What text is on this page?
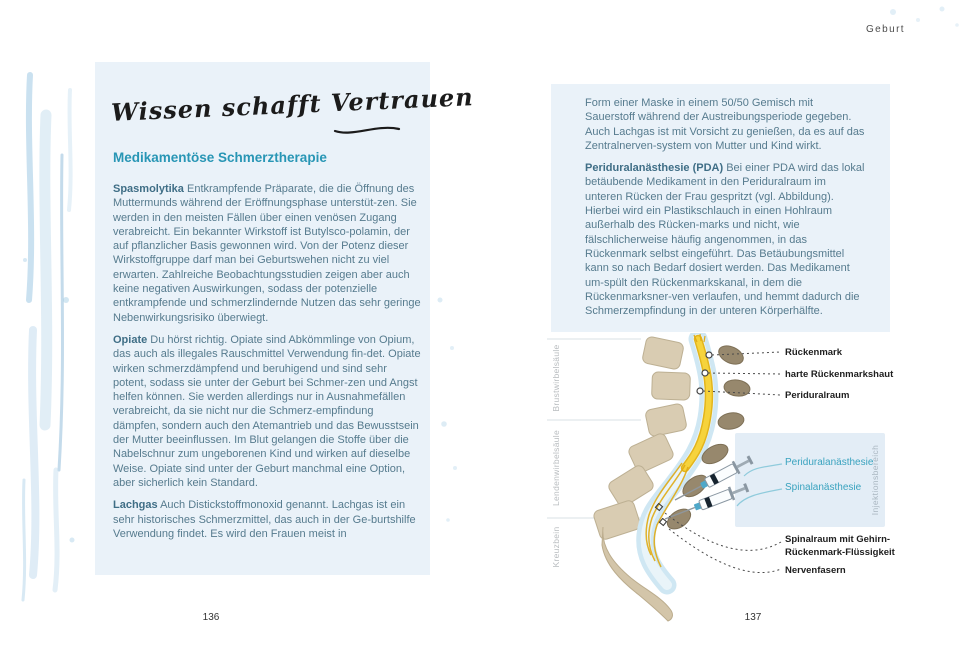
Geburt
Wissen schafft Vertrauen
Medikamentöse Schmerztherapie

Spasmolytika Entkrampfende Präparate, die die Öffnung des Muttermunds während der Eröffnungsphase unterstüt-zen. Sie werden in den meisten Fällen über einen venösen Zugang verabreicht. Ein bekannter Wirkstoff ist Butylsco-polamin, der auf pflanzlicher Basis gewonnen wird. Von der Potenz dieser Wirkstoffgruppe darf man bei Geburtswehen nicht zu viel erwarten. Zahlreiche Beobachtungsstudien zeigen aber auch keine negativen Auswirkungen, sodass der potenzielle entkrampfende und schmerzlindernde Nutzen das sehr geringe Nebenwirkungsrisiko überwiegt.

Opiate Du hörst richtig. Opiate sind Abkömmlinge von Opium, das auch als illegales Rauschmittel Verwendung fin-det. Opiate wirken schmerzdämpfend und beruhigend und sind sehr potent, sodass sie unter der Geburt bei Schmer-zen und Angst helfen können. Sie werden allerdings nur in Ausnahmefällen verabreicht, da sie nicht nur die Schmerz-empfindung dämpfen, sondern auch den Atemantrieb und das Bewusstsein der Mutter beeinflussen. Im Blut gelangen die Stoffe über die Nabelschnur zum ungeborenen Kind und wirken auf dieselbe Weise. Opiate sind unter der Geburt manchmal eine Option, aber sicherlich kein Standard.

Lachgas Auch Distickstoffmonoxid genannt. Lachgas ist ein sehr historisches Schmerzmittel, das auch in der Ge-burtshilfe Verwendung findet. Es wird den Frauen meist in

Form einer Maske in einem 50/50 Gemisch mit Sauerstoff während der Austreibungsperiode gegeben. Auch Lachgas ist mit Vorsicht zu genießen, da es auf das Zentralnerven-system von Mutter und Kind wirkt.

Periduralanästhesie (PDA) Bei einer PDA wird das lokal betäubende Medikament in den Periduralraum im unteren Rücken der Frau gespritzt (vgl. Abbildung). Hierbei wird ein Plastikschlauch in einen Hohlraum außerhalb des Rücken-marks und nicht, wie fälschlicherweise häufig angenommen, in das Rückenmark selbst eingeführt. Das Betäubungsmittel kann so nach Bedarf dosiert werden. Das Medikament um-spült den Rückenmarkskanal, in dem die Rückenmarksner-ven verlaufen, und hemmt dadurch die Schmerzempfindung in der unteren Körperhälfte.

Injektionsbereich
Brustwirbelsäule
Lendenwirbelsäule
Kreuzbein
Rückenmark
harte Rückenmarkshaut
Periduralraum
Periduralanästhesie
Spinalanästhesie
Spinalraum mit Gehirn-
Rückenmark-Flüssigkeit
Nervenfasern
136	137
